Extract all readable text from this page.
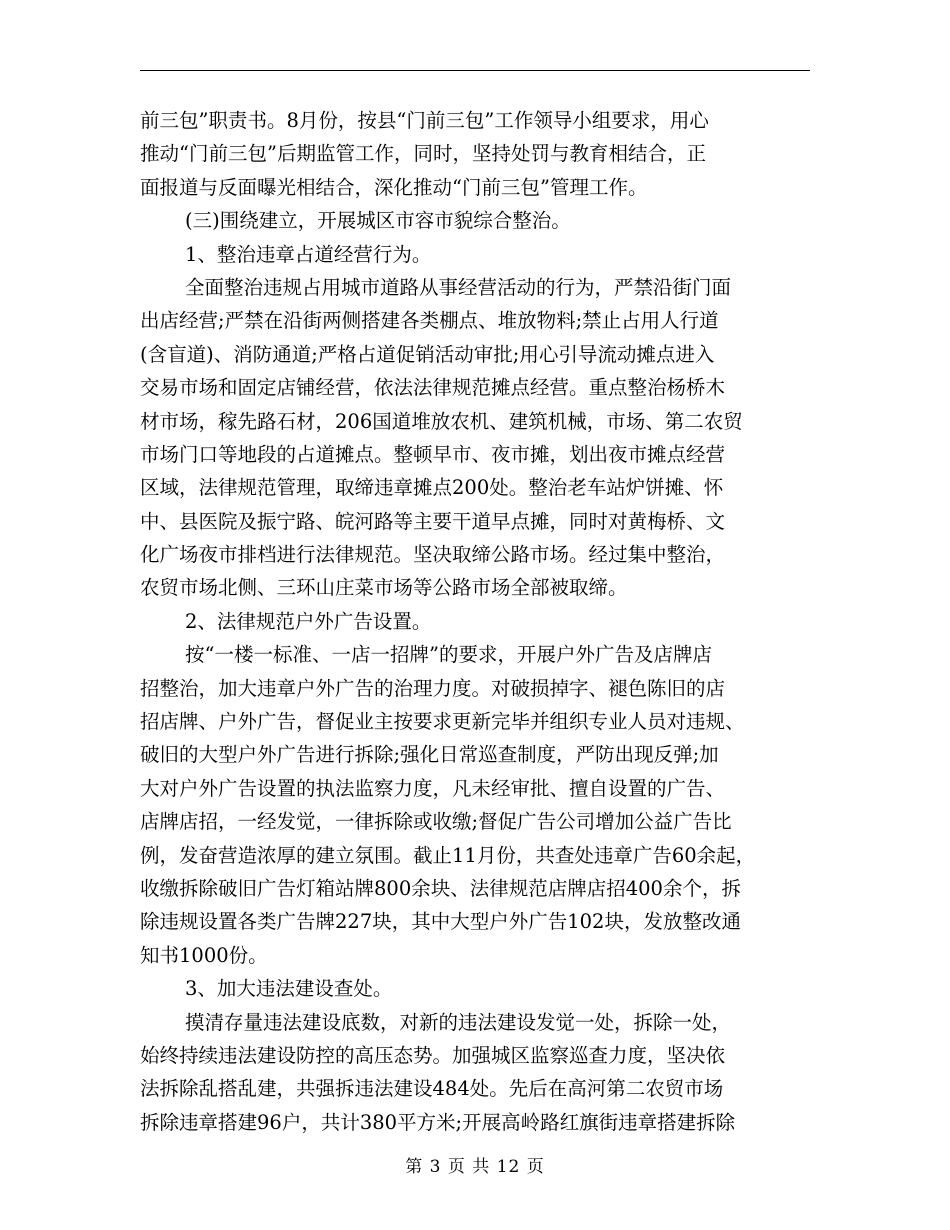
前三包”职责书。8月份，按县“门前三包”工作领导小组要求，用心
推动“门前三包”后期监管工作，同时，坚持处罚与教育相结合，正
面报道与反面曝光相结合，深化推动“门前三包”管理工作。
(三)围绕建立，开展城区市容市貌综合整治。
1、整治违章占道经营行为。
全面整治违规占用城市道路从事经营活动的行为，严禁沿街门面
出店经营;严禁在沿街两侧搭建各类棚点、堆放物料;禁止占用人行道
(含盲道)、消防通道;严格占道促销活动审批;用心引导流动摊点进入
交易市场和固定店铺经营，依法法律规范摊点经营。重点整治杨桥木
材市场，稼先路石材，206国道堆放农机、建筑机械，市场、第二农贸
市场门口等地段的占道摊点。整顿早市、夜市摊，划出夜市摊点经营
区域，法律规范管理，取缔违章摊点200处。整治老车站炉饼摊、怀
中、县医院及振宁路、皖河路等主要干道早点摊，同时对黄梅桥、文
化广场夜市排档进行法律规范。坚决取缔公路市场。经过集中整治，
农贸市场北侧、三环山庄菜市场等公路市场全部被取缔。
2、法律规范户外广告设置。
按“一楼一标准、一店一招牌”的要求，开展户外广告及店牌店
招整治，加大违章户外广告的治理力度。对破损掉字、褪色陈旧的店
招店牌、户外广告，督促业主按要求更新完毕并组织专业人员对违规、
破旧的大型户外广告进行拆除;强化日常巡查制度，严防出现反弹;加
大对户外广告设置的执法监察力度，凡未经审批、擅自设置的广告、
店牌店招，一经发觉，一律拆除或收缴;督促广告公司增加公益广告比
例，发奋营造浓厚的建立氛围。截止11月份，共查处违章广告60余起，
收缴拆除破旧广告灯箱站牌800余块、法律规范店牌店招400余个，拆
除违规设置各类广告牌227块，其中大型户外广告102块，发放整改通
知书1000份。
3、加大违法建设查处。
摸清存量违法建设底数，对新的违法建设发觉一处，拆除一处，
始终持续违法建设防控的高压态势。加强城区监察巡查力度，坚决依
法拆除乱搭乱建，共强拆违法建设484处。先后在高河第二农贸市场
拆除违章搭建96户，共计380平方米;开展高岭路红旗街违章搭建拆除
第 3 页 共 12 页
